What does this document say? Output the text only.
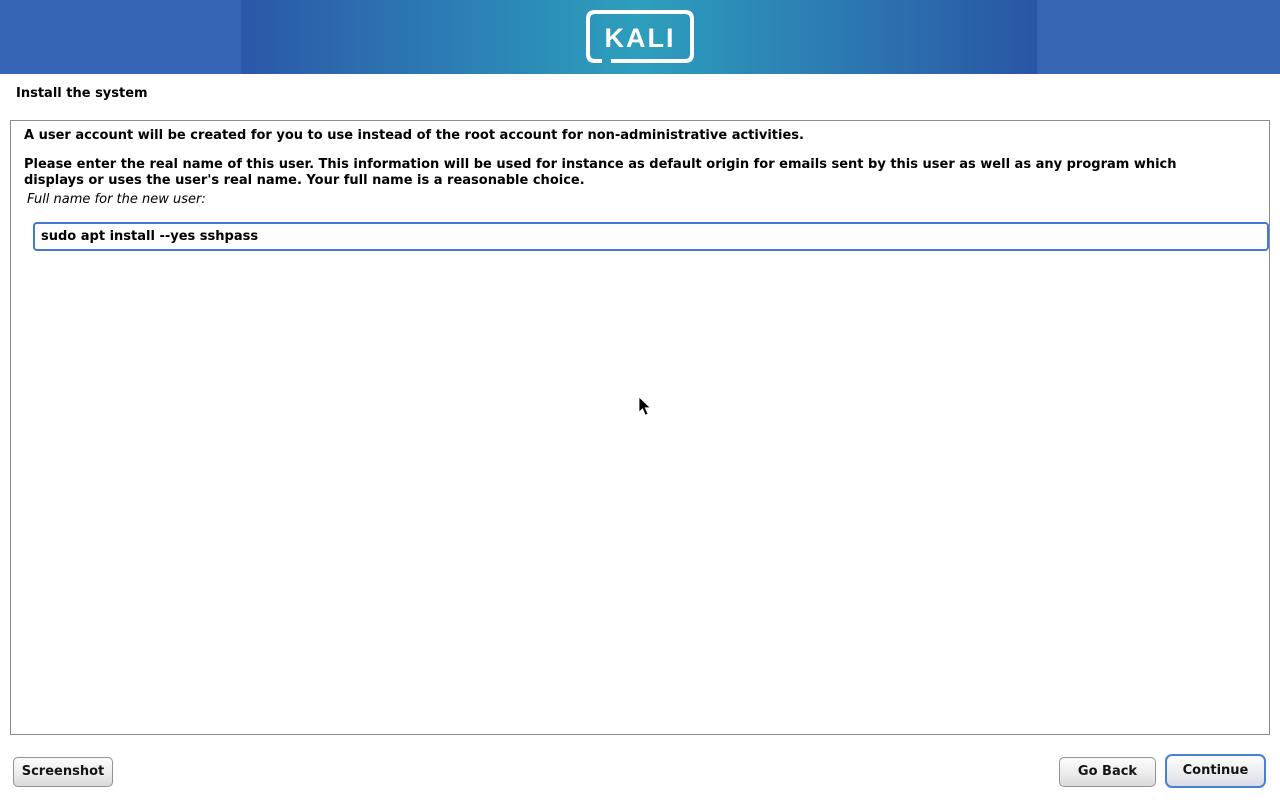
KALI
Install the system

A user account will be created for you to use instead of the root account for non-administrative activities.

Please enter the real name of this user. This information will be used for instance as default origin for emails sent by this user as well as any program which displays or uses the user's real name. Your full name is a reasonable choice.

Full name for the new user:
sudo apt install --yes sshpass
Screenshot	Go Back	Continue
